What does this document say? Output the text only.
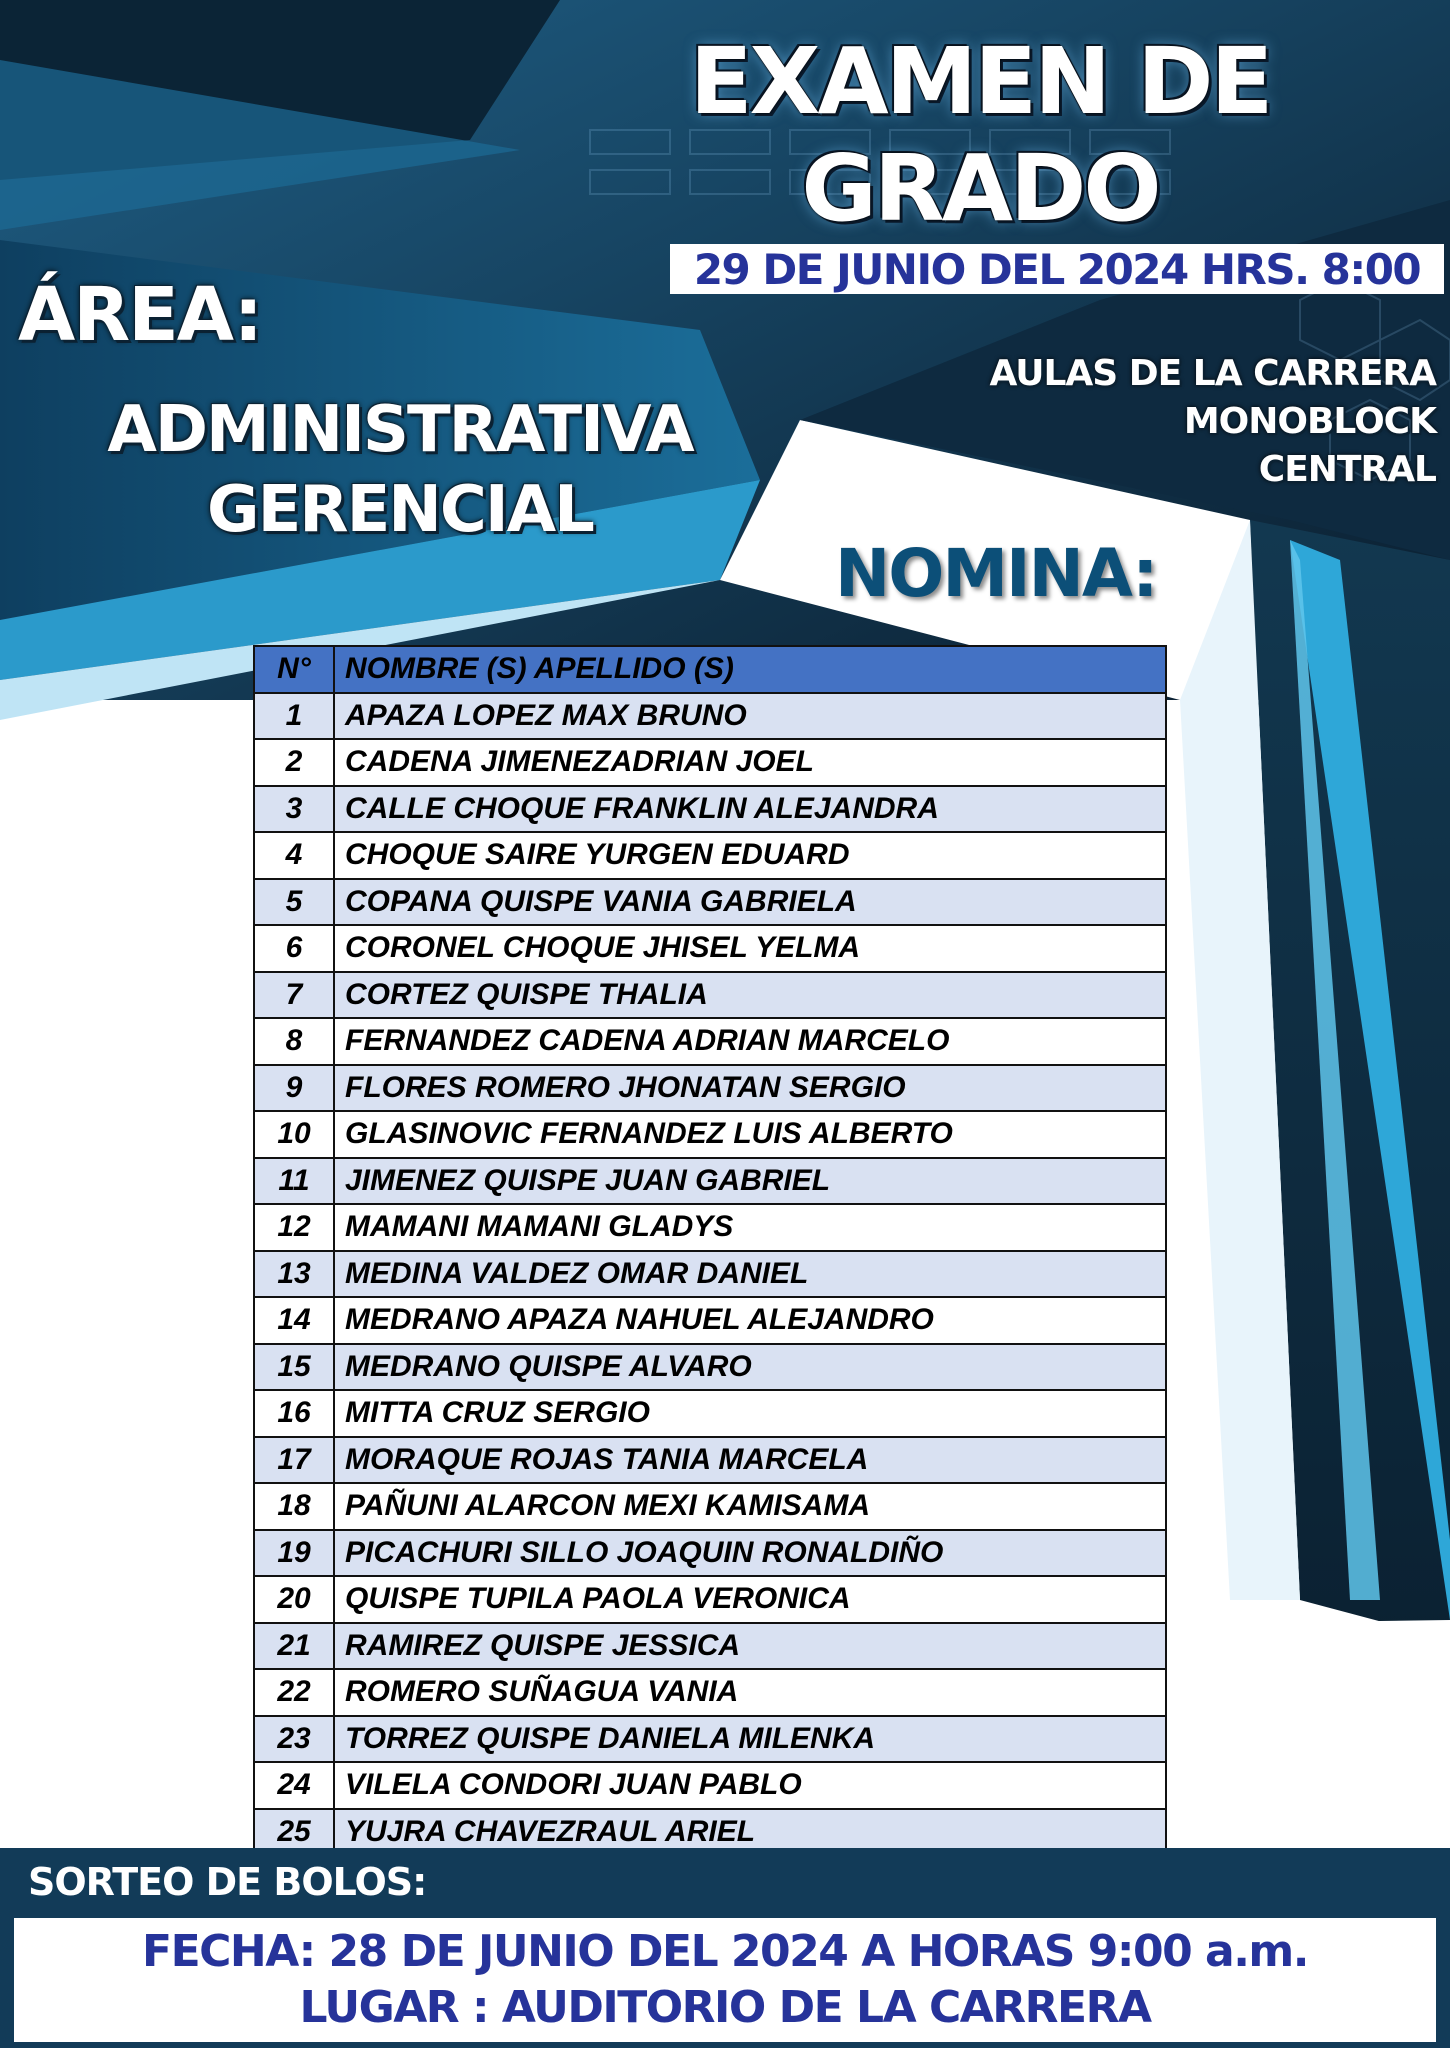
EXAMEN DE GRADO
29 DE JUNIO DEL 2024 HRS. 8:00
ÁREA:
ADMINISTRATIVA
GERENCIAL
AULAS DE LA CARRERA
MONOBLOCK
CENTRAL
NOMINA:
N°	NOMBRE (S) APELLIDO (S)
1	APAZA LOPEZ MAX BRUNO
2	CADENA JIMENEZADRIAN JOEL
3	CALLE CHOQUE FRANKLIN ALEJANDRA
4	CHOQUE SAIRE YURGEN EDUARD
5	COPANA QUISPE VANIA GABRIELA
6	CORONEL CHOQUE JHISEL YELMA
7	CORTEZ QUISPE THALIA
8	FERNANDEZ CADENA ADRIAN MARCELO
9	FLORES ROMERO JHONATAN SERGIO
10	GLASINOVIC FERNANDEZ LUIS ALBERTO
11	JIMENEZ QUISPE JUAN GABRIEL
12	MAMANI MAMANI GLADYS
13	MEDINA VALDEZ OMAR DANIEL
14	MEDRANO APAZA NAHUEL ALEJANDRO
15	MEDRANO QUISPE ALVARO
16	MITTA CRUZ SERGIO
17	MORAQUE ROJAS TANIA MARCELA
18	PAÑUNI ALARCON MEXI KAMISAMA
19	PICACHURI SILLO JOAQUIN RONALDIÑO
20	QUISPE TUPILA PAOLA VERONICA
21	RAMIREZ QUISPE JESSICA
22	ROMERO SUÑAGUA VANIA
23	TORREZ QUISPE DANIELA MILENKA
24	VILELA CONDORI JUAN PABLO
25	YUJRA CHAVEZRAUL ARIEL
SORTEO DE BOLOS:
FECHA: 28 DE JUNIO DEL 2024 A HORAS 9:00 a.m.
LUGAR : AUDITORIO DE LA CARRERA
